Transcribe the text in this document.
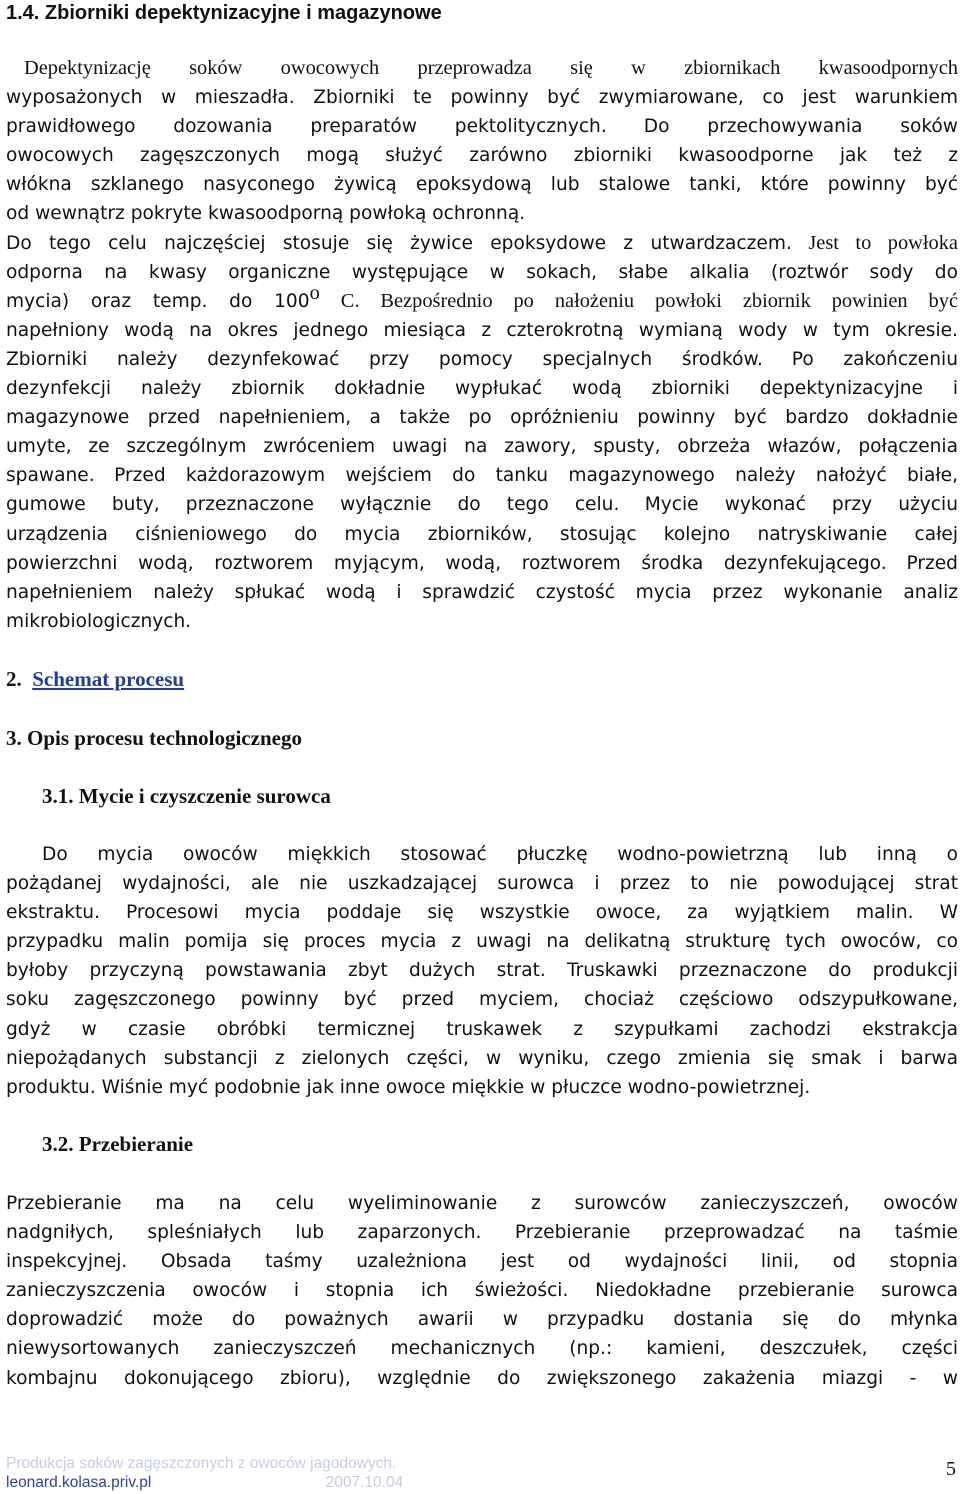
1.4. Zbiorniki depektynizacyjne i magazynowe
Depektynizację soków owocowych przeprowadza się w zbiornikach kwasoodpornych
wyposażonych w mieszadła. Zbiorniki te powinny być zwymiarowane, co jest warunkiem
prawidłowego dozowania preparatów pektolitycznych. Do przechowywania soków
owocowych zagęszczonych mogą służyć zarówno zbiorniki kwasoodporne jak też z
włókna szklanego nasyconego żywicą epoksydową lub stalowe tanki, które powinny być
od wewnątrz pokryte kwasoodporną powłoką ochronną.
Do tego celu najczęściej stosuje się żywice epoksydowe z utwardzaczem. Jest to powłoka
odporna na kwasy organiczne występujące w sokach, słabe alkalia (roztwór sody do
mycia) oraz temp. do 100$^o$ C. Bezpośrednio po nałożeniu powłoki zbiornik powinien być
napełniony wodą na okres jednego miesiąca z czterokrotną wymianą wody w tym okresie.
Zbiorniki należy dezynfekować przy pomocy specjalnych środków. Po zakończeniu
dezynfekcji należy zbiornik dokładnie wypłukać wodą zbiorniki depektynizacyjne i
magazynowe przed napełnieniem, a także po opróżnieniu powinny być bardzo dokładnie
umyte, ze szczególnym zwróceniem uwagi na zawory, spusty, obrzeża włazów, połączenia
spawane. Przed każdorazowym wejściem do tanku magazynowego należy nałożyć białe,
gumowe buty, przeznaczone wyłącznie do tego celu. Mycie wykonać przy użyciu
urządzenia ciśnieniowego do mycia zbiorników, stosując kolejno natryskiwanie całej
powierzchni wodą, roztworem myjącym, wodą, roztworem środka dezynfekującego. Przed
napełnieniem należy spłukać wodą i sprawdzić czystość mycia przez wykonanie analiz
mikrobiologicznych.
2. Schemat procesu
3. Opis procesu technologicznego
3.1. Mycie i czyszczenie surowca
Do mycia owoców miękkich stosować płuczkę wodno-powietrzną lub inną o
pożądanej wydajności, ale nie uszkadzającej surowca i przez to nie powodującej strat
ekstraktu. Procesowi mycia poddaje się wszystkie owoce, za wyjątkiem malin. W
przypadku malin pomija się proces mycia z uwagi na delikatną strukturę tych owoców, co
byłoby przyczyną powstawania zbyt dużych strat. Truskawki przeznaczone do produkcji
soku zagęszczonego powinny być przed myciem, chociaż częściowo odszypułkowane,
gdyż w czasie obróbki termicznej truskawek z szypułkami zachodzi ekstrakcja
niepożądanych substancji z zielonych części, w wyniku, czego zmienia się smak i barwa
produktu. Wiśnie myć podobnie jak inne owoce miękkie w płuczce wodno-powietrznej.
3.2. Przebieranie
Przebieranie ma na celu wyeliminowanie z surowców zanieczyszczeń, owoców
nadgniłych, spleśniałych lub zaparzonych. Przebieranie przeprowadzać na taśmie
inspekcyjnej. Obsada taśmy uzależniona jest od wydajności linii, od stopnia
zanieczyszczenia owoców i stopnia ich świeżości. Niedokładne przebieranie surowca
doprowadzić może do poważnych awarii w przypadku dostania się do młynka
niewysortowanych zanieczyszczeń mechanicznych (np.: kamieni, deszczułek, części
kombajnu dokonującego zbioru), względnie do zwiększonego zakażenia miazgi - w
Produkcja soków zagęszczonych z owoców jagodowych.
leonard.kolasa.priv.pl	2007.10.04
5
